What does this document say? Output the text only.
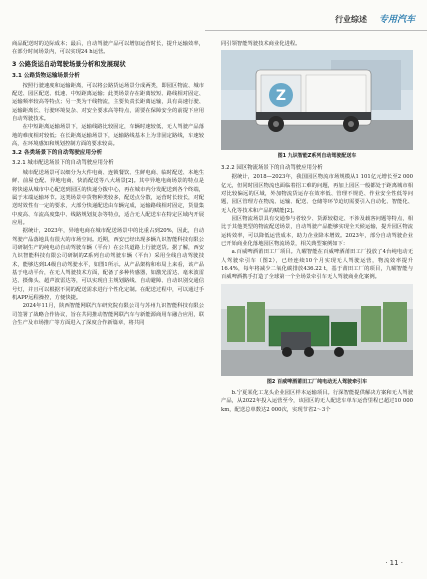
行业综述 专用汽车

商品配送时的边际成本；最后，自动驾驶产品可以增加运营时长，提升运输效率，在部分时间场景内，可以实现24 h运营。

3 公路货运自动驾驶场景分析和发展现状
3.1 公路货物运输场景分析

按照行驶速度和运输距离，可以将公路货运场景分成两类，即园区物流、城市配送、园区配送、低速、中短距离运输；此类场景存在距离较短、路线相对固定、运输频率较高等特点；另一类为干线物流，主要负责长距离运输，具有高速行驶、运输距离长、行驶环境复杂、对安全要求高等特点，需要在保障安全的前提下应用自动驾驶技术。

在中短距离运输场景下，运输线路比较固定，车辆时速较低，无人驾驶产品落地的难度相对较低；在长距离运输场景下，运输路线基本上为非固定路线，车速较高，在环境感知和规划控制方面的要求较高。

3.2 各类场景下的自动驾驶应用分析
3.2.1 城市配送场景下的自动驾驶应用分析

城市配送场景可以细分为大件电商、连锁餐饮、生鲜电商、临时配送、本地生鲜、前屋仓配、异地电商、快消配送等八大场景[2]。其中异地电商场景的特点是将快递从城市中心配送到园区的快递分拨中心，再在城市内分发配送到各个终端，属于末端运输环节。这类场景中货物种类较多，配送点分散，运营时长较长，对配送时效性有一定的要求，大部分快递配送由车辆完成，运输路线相对固定，货量集中度高、车流高度集中、线路规划复杂等特点，适合无人配送车在特定区域内开展应用。

据统计，2023年，异地电商在城市配送场景中的比重占到20%，因此，自动驾驶产品落地具有很大的市场空间。近期，西安已经出现多辆九识智能科技有限公司研制生产的纯电动自动驾驶车辆（平台）在公共道路上行驶送货。据了解，西安九识智能科技有限公司研制的Z系列自动驾驶车辆（平台）采用全线自动驾驶技术，能够达到L4级自动驾驶水平，如图1所示。从产品架构和布局上来看，该产品基于电动平台，在无人驾驶技术方面，配备了多种传感器，如激光雷达、毫米波雷达、摄像头、超声波雷达等，可以实现自主规划路线、自动避障、自动识别交通信号灯，并且可以根据不同的配送需求进行个性化定制。在配送过程中，可以通过手机APP远程操控，方便快捷。

2024年11月，陕西智能网联汽车研究院有限公司与苏州九识智能科技有限公司签署了战略合作协议，旨在共同推动智能网联汽车与新能源商用车融合应用，联合生产及市场推广等方面进入了深度合作新篇章，将共同

同引领智能驾驶技术商业化进程。

Z
图1 九识智能Z系列自动驾驶配送车
3.2.2 园区物流场景下的自动驾驶应用分析

据统计，2018—2023年，我国园区物流市场规模从1 101亿元增长至2 000亿元，但同时园区物流也面临着招工难的问题，再加上园区一般都处于距离城市相对比较偏远的区域，外加物流货运存在效率低、管理不规范、作业安全性低等问题，园区管理方在物流、运输、配送、仓储等环节迫切需要引入自动化、智能化、无人化等技术和产品的赋能[2]。

园区物流场景具有交通参与者较少、货源较稳定、不涉及载客问题等特点，相比于其他类型的物流配送场景，自动驾驶产品能够实现全天候运输，提升园区物流运转效率，可以降低运营成本，助力企业降本增效。2023年，部分自动驾驶企业已开始商业化落地园区物流场景，相关典型案例如下：

a.百威啤酒莆田工厂项目。九曜智能在百威啤酒莆田工厂投放了4台纯电动无人驾驶牵引车（图2），已经连续10个月实现无人驾驶运营，物流效率提升16.4%，每年将减少二氧化碳排放436.22 t，基于莆田工厂的项目，九曜智能与百威啤酒携手打造了全球第一个全场景牵引车无人驾驶商业化案例。

图2 百威啤酒莆田工厂纯电动无人驾驶牵引车

b.宁夏某化工龙头企业园区样本运输项目。行深智能提供解决方案和无人驾驶产品，从2022年投入运营至今，该园区的无人配送车单车运营里程已超过10 000 km，配送总单数达2 000次，实现节省2～3个

· 11 ·
